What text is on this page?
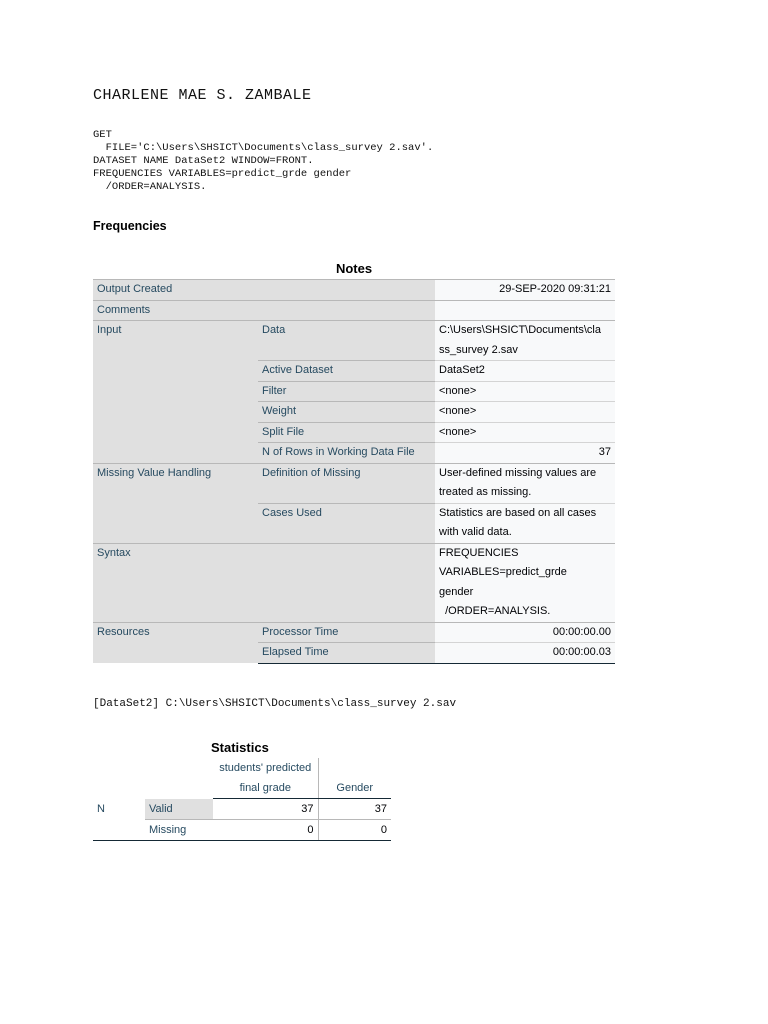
CHARLENE MAE S. ZAMBALE
GET
FILE='C:\Users\SHSICT\Documents\class_survey 2.sav'.
DATASET NAME DataSet2 WINDOW=FRONT.
FREQUENCIES VARIABLES=predict_grde gender
/ORDER=ANALYSIS.
Frequencies
Notes
Output Created		29-SEP-2020 09:31:21
Comments		
Input	Data	C:\Users\SHSICT\Documents\cla
ss_survey 2.sav

	Active Dataset	DataSet2
	Filter	<none>
	Weight	<none>
	Split File	<none>
	N of Rows in Working Data File	37
Missing Value Handling	Definition of Missing	User-defined missing values are
treated as missing.

	Cases Used	Statistics are based on all cases
with valid data.

Syntax		FREQUENCIES
VARIABLES=predict_grde
gender
/ORDER=ANALYSIS.

Resources	Processor Time	00:00:00.00
	Elapsed Time	00:00:00.03
[DataSet2] C:\Users\SHSICT\Documents\class_survey 2.sav
Statistics
		students' predicted	
		final grade	Gender
N	Valid	37	37
	Missing	0	0
